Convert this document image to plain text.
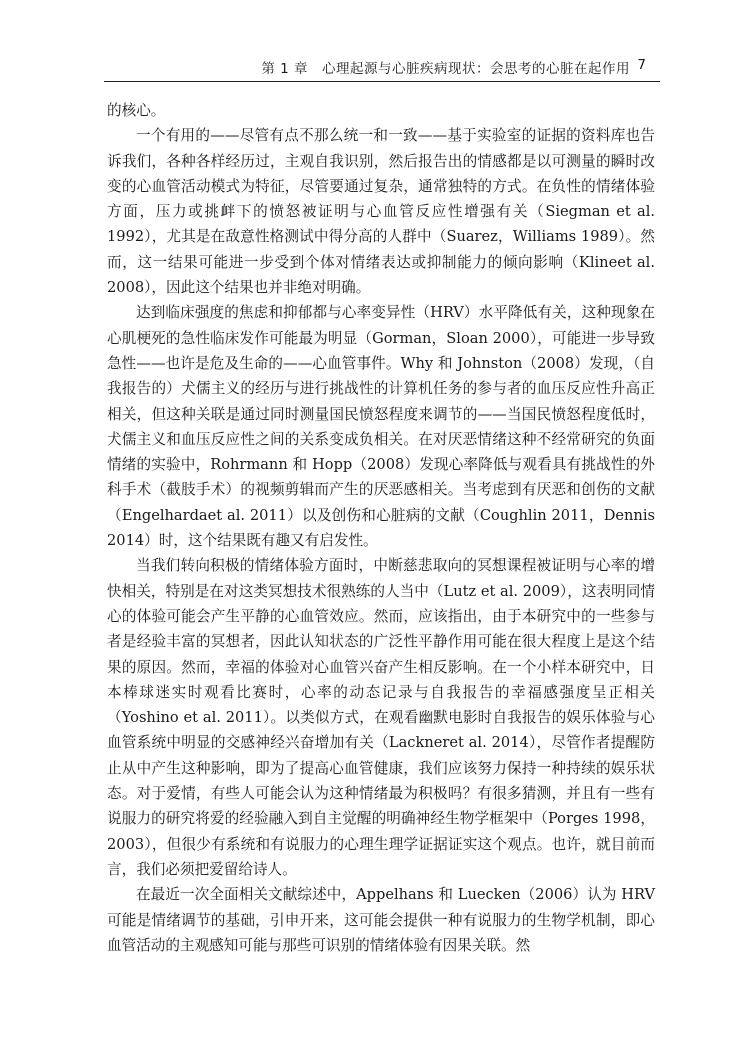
第 1 章　心理起源与心脏疾病现状：会思考的心脏在起作用 7

的核心。

一个有用的——尽管有点不那么统一和一致——基于实验室的证据的资料库也告诉我们，各种各样经历过，主观自我识别，然后报告出的情感都是以可测量的瞬时改变的心血管活动模式为特征，尽管要通过复杂，通常独特的方式。在负性的情绪体验方面，压力或挑衅下的愤怒被证明与心血管反应性增强有关（Siegman et al. 1992），尤其是在敌意性格测试中得分高的人群中（Suarez，Williams 1989）。然而，这一结果可能进一步受到个体对情绪表达或抑制能力的倾向影响（Klineet al. 2008），因此这个结果也并非绝对明确。

达到临床强度的焦虑和抑郁都与心率变异性（HRV）水平降低有关，这种现象在心肌梗死的急性临床发作可能最为明显（Gorman，Sloan 2000），可能进一步导致急性——也许是危及生命的——心血管事件。Why 和 Johnston（2008）发现，（自我报告的）犬儒主义的经历与进行挑战性的计算机任务的参与者的血压反应性升高正相关，但这种关联是通过同时测量国民愤怒程度来调节的——当国民愤怒程度低时，犬儒主义和血压反应性之间的关系变成负相关。在对厌恶情绪这种不经常研究的负面情绪的实验中，Rohrmann 和 Hopp（2008）发现心率降低与观看具有挑战性的外科手术（截肢手术）的视频剪辑而产生的厌恶感相关。当考虑到有厌恶和创伤的文献（Engelhardaet al. 2011）以及创伤和心脏病的文献（Coughlin 2011，Dennis 2014）时，这个结果既有趣又有启发性。

当我们转向积极的情绪体验方面时，中断慈悲取向的冥想课程被证明与心率的增快相关，特别是在对这类冥想技术很熟练的人当中（Lutz et al. 2009），这表明同情心的体验可能会产生平静的心血管效应。然而，应该指出，由于本研究中的一些参与者是经验丰富的冥想者，因此认知状态的广泛性平静作用可能在很大程度上是这个结果的原因。然而，幸福的体验对心血管兴奋产生相反影响。在一个小样本研究中，日本棒球迷实时观看比赛时，心率的动态记录与自我报告的幸福感强度呈正相关（Yoshino et al. 2011）。以类似方式，在观看幽默电影时自我报告的娱乐体验与心血管系统中明显的交感神经兴奋增加有关（Lackneret al. 2014），尽管作者提醒防止从中产生这种影响，即为了提高心血管健康，我们应该努力保持一种持续的娱乐状态。对于爱情，有些人可能会认为这种情绪最为积极吗？有很多猜测，并且有一些有说服力的研究将爱的经验融入到自主觉醒的明确神经生物学框架中（Porges 1998，2003），但很少有系统和有说服力的心理生理学证据证实这个观点。也许，就目前而言，我们必须把爱留给诗人。

在最近一次全面相关文献综述中，Appelhans 和 Luecken（2006）认为 HRV 可能是情绪调节的基础，引申开来，这可能会提供一种有说服力的生物学机制，即心血管活动的主观感知可能与那些可识别的情绪体验有因果关联。然
